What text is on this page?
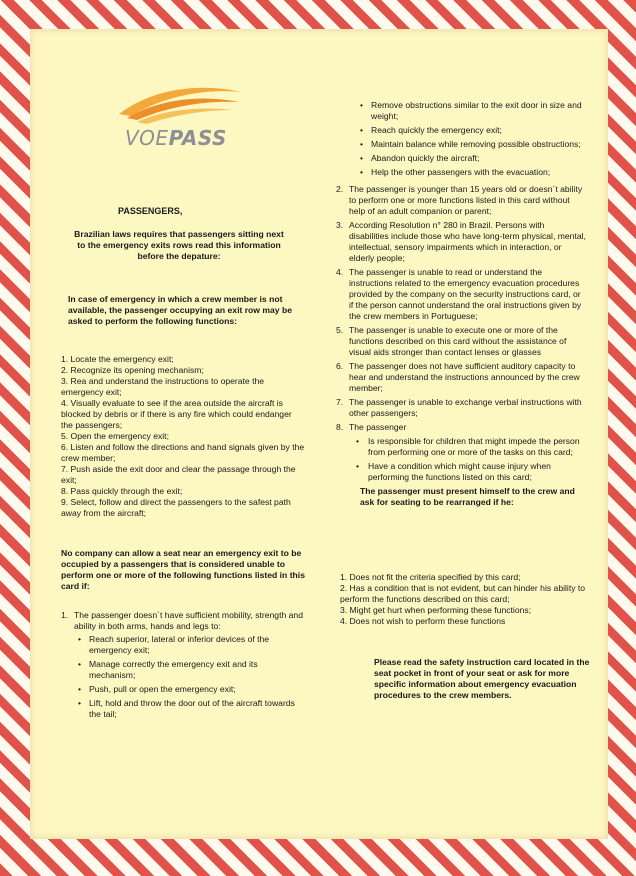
VOEPASS
PASSENGERS,
Brazilian laws requires that passengers sitting next to the emergency exits rows read this information before the depature:
In case of emergency in which a crew member is not available, the passenger occupying an exit row may be asked to perform the following functions:
1. Locate the emergency exit;
2. Recognize its opening mechanism;
3. Rea and understand the instructions to operate the emergency exit;
4. Visually evaluate to see if the area outside the aircraft is blocked by debris or if there is any fire which could endanger the passengers;
5. Open the emergency exit;
6. Listen and follow the directions and hand signals given by the crew member;
7. Push aside the exit door and clear the passage through the exit;
8. Pass quickly through the exit;
9. Select, follow and direct the passengers to the safest path away from the aircraft;
No company can allow a seat near an emergency exit to be occupied by a passengers that is considered unable to perform one or more of the following functions listed in this card if:
1. The passenger doesn´t have sufficient mobility, strength and ability in both arms, hands and legs to:
• Reach superior, lateral or inferior devices of the emergency exit;
• Manage correctly the emergency exit and its mechanism;
• Push, pull or open the emergency exit;
• Lift, hold and throw the door out of the aircraft towards the tail;
• Remove obstructions similar to the exit door in size and weight;
• Reach quickly the emergency exit;
• Maintain balance while removing possible obstructions;
• Abandon quickly the aircraft;
• Help the other passengers with the evacuation;
2. The passenger is younger than 15 years old or doesn´t ability to perform one or more functions listed in this card without help of an adult companion or parent;
3. According Resolution n° 280 in Brazil. Persons with disabilities include those who have long-term physical, mental, intellectual, sensory impairments which in interaction, or elderly people;
4. The passenger is unable to read or understand the instructions related to the emergency evacuation procedures provided by the company on the security instructions card, or if the person cannot understand the oral instructions given by the crew members in Portuguese;
5. The passenger is unable to execute one or more of the functions described on this card without the assistance of visual aids stronger than contact lenses or glasses
6. The passenger does not have sufficient auditory capacity to hear and understand the instructions announced by the crew member;
7. The passenger is unable to exchange verbal instructions with other passengers;
8. The passenger
• Is responsible for children that might impede the person from performing one or more of the tasks on this card;
• Have a condition which might cause injury when performing the functions listed on this card;
The passenger must present himself to the crew and ask for seating to be rearranged if he:
1. Does not fit the criteria specified by this card;
2. Has a condition that is not evident, but can hinder his ability to perform the functions described on this card;
3. Might get hurt when performing these functions;
4. Does not wish to perform these functions
Please read the safety instruction card located in the seat pocket in front of your seat or ask for more specific information about emergency evacuation procedures to the crew members.
